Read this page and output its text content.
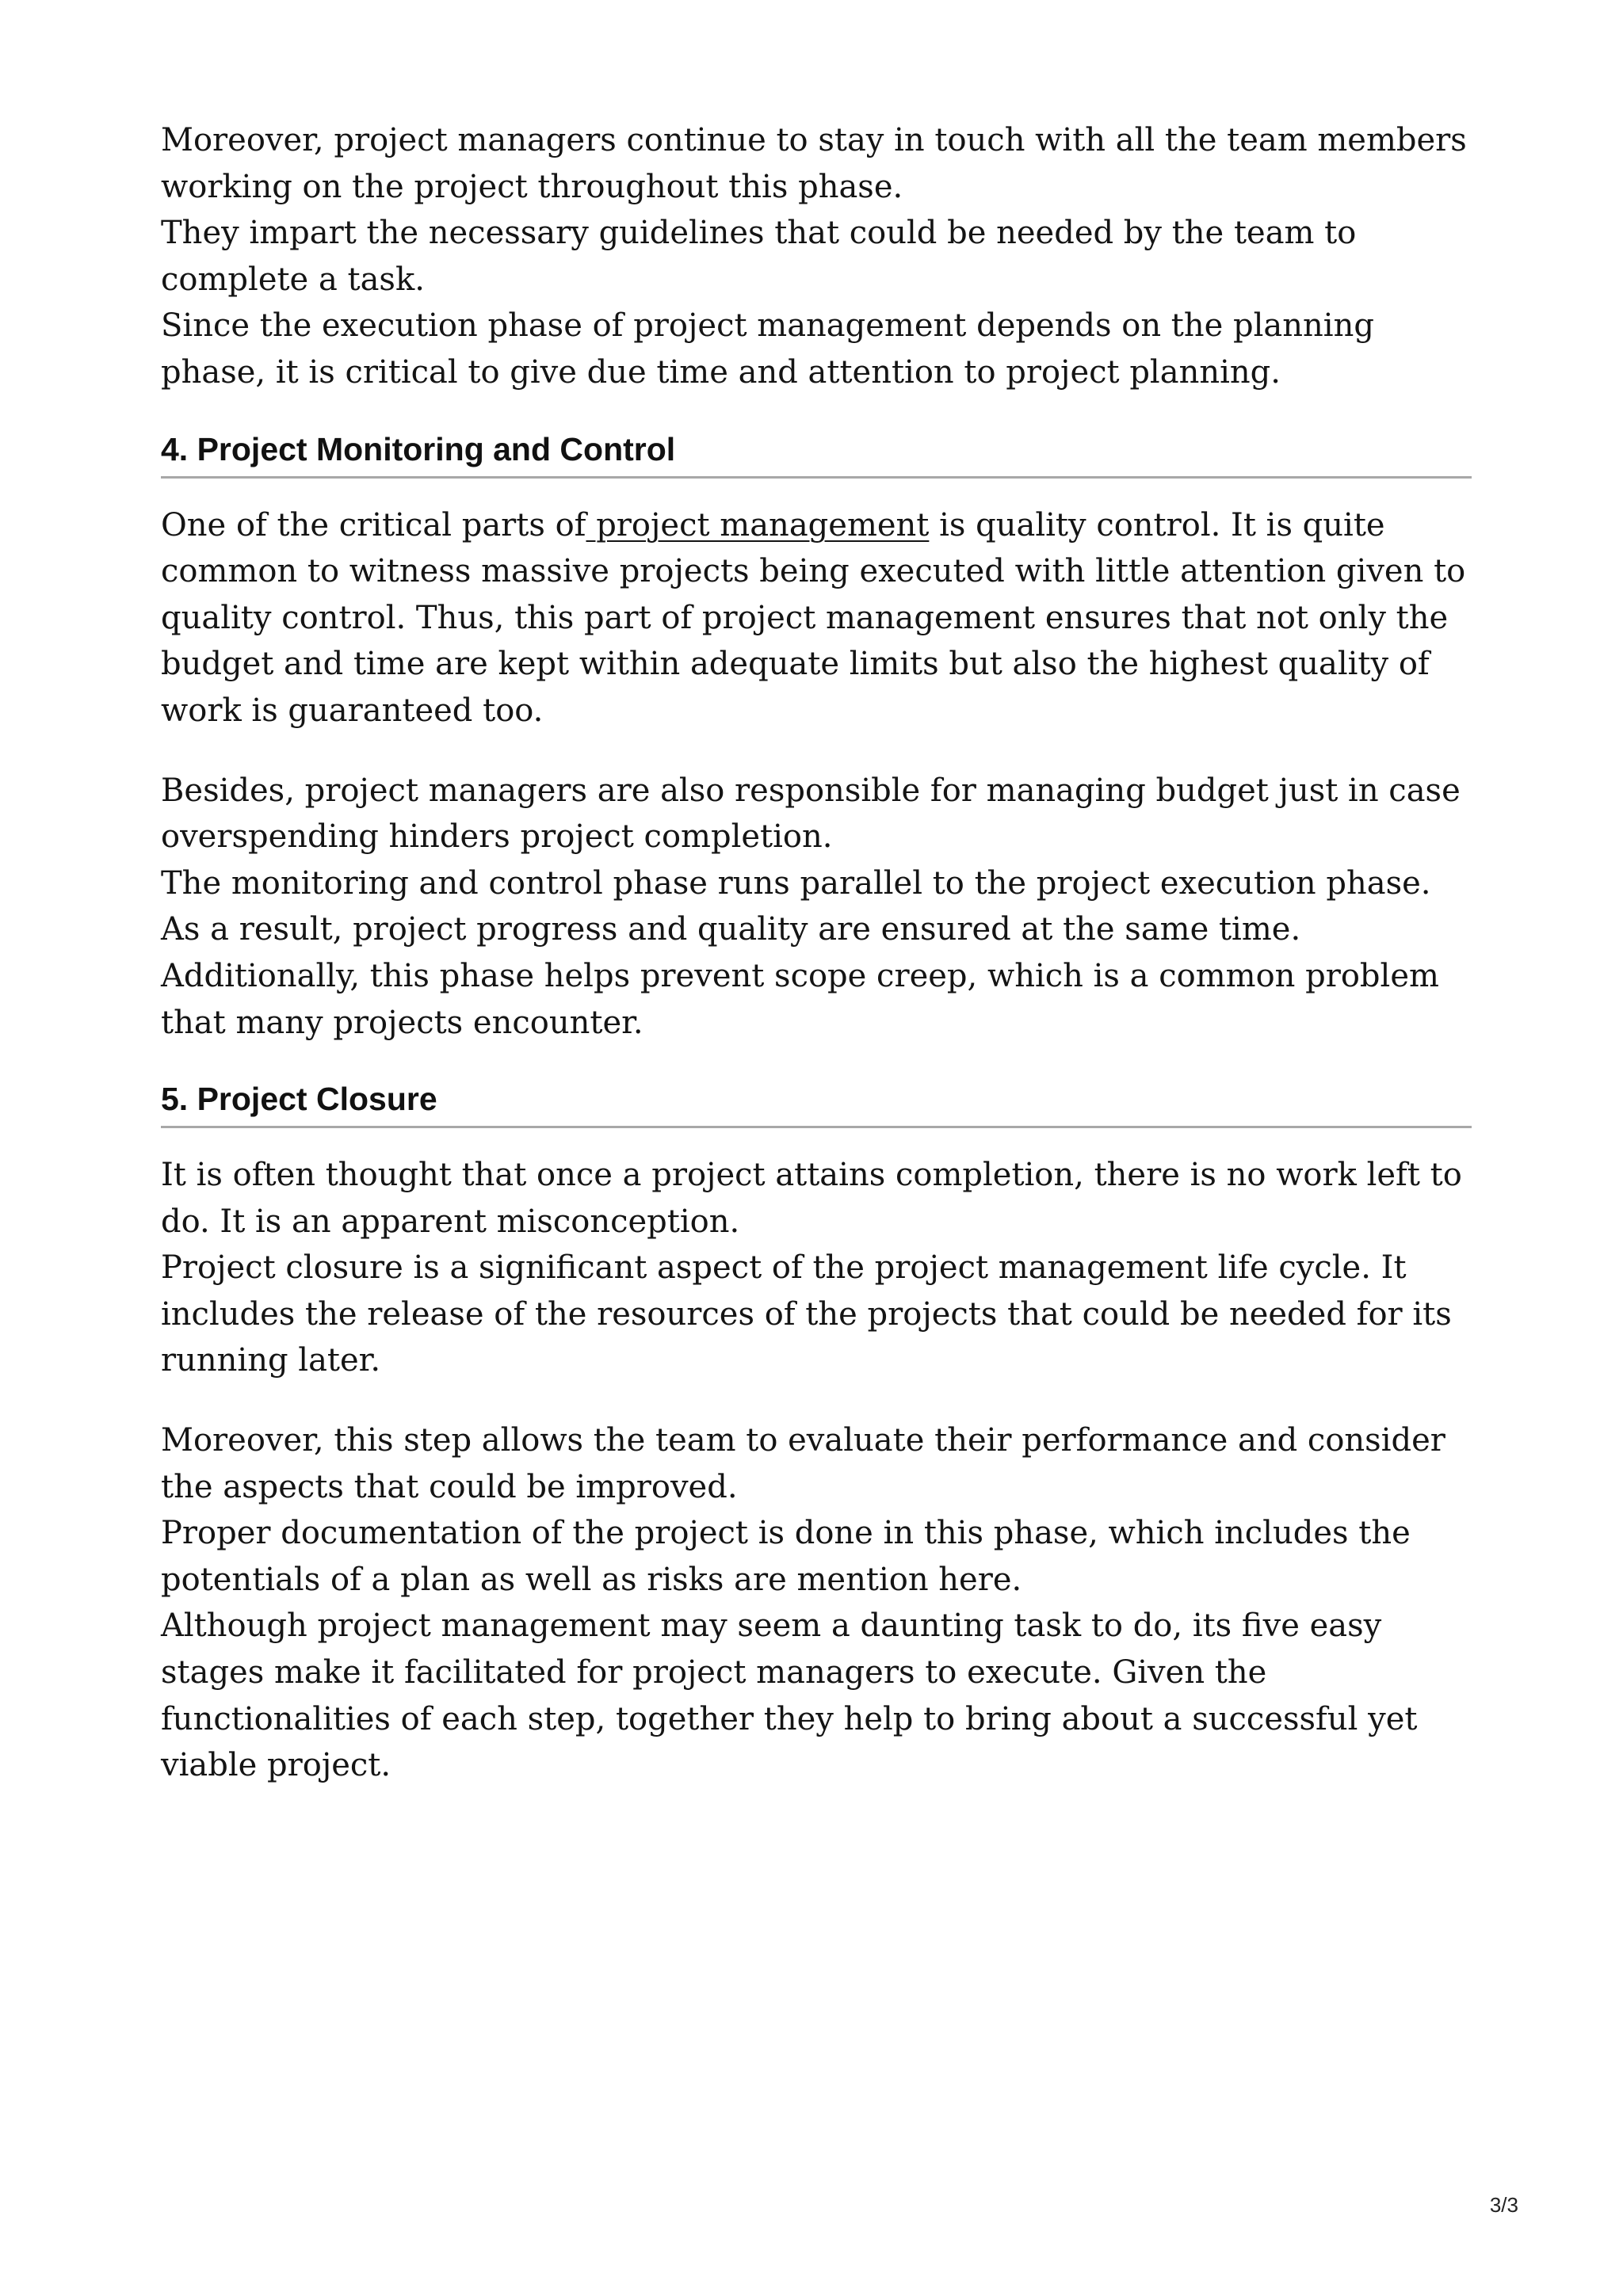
Moreover, project managers continue to stay in touch with all the team members working on the project throughout this phase.

They impart the necessary guidelines that could be needed by the team to complete a task.

Since the execution phase of project management depends on the planning phase, it is critical to give due time and attention to project planning.

4. Project Monitoring and Control

One of the critical parts of project management is quality control. It is quite common to witness massive projects being executed with little attention given to quality control. Thus, this part of project management ensures that not only the budget and time are kept within adequate limits but also the highest quality of work is guaranteed too.

Besides, project managers are also responsible for managing budget just in case overspending hinders project completion.

The monitoring and control phase runs parallel to the project execution phase. As a result, project progress and quality are ensured at the same time. Additionally, this phase helps prevent scope creep, which is a common problem that many projects encounter.

5. Project Closure

It is often thought that once a project attains completion, there is no work left to do. It is an apparent misconception.

Project closure is a significant aspect of the project management life cycle. It includes the release of the resources of the projects that could be needed for its running later.

Moreover, this step allows the team to evaluate their performance and consider the aspects that could be improved.

Proper documentation of the project is done in this phase, which includes the potentials of a plan as well as risks are mention here.

Although project management may seem a daunting task to do, its five easy stages make it facilitated for project managers to execute. Given the functionalities of each step, together they help to bring about a successful yet viable project.

3/3
